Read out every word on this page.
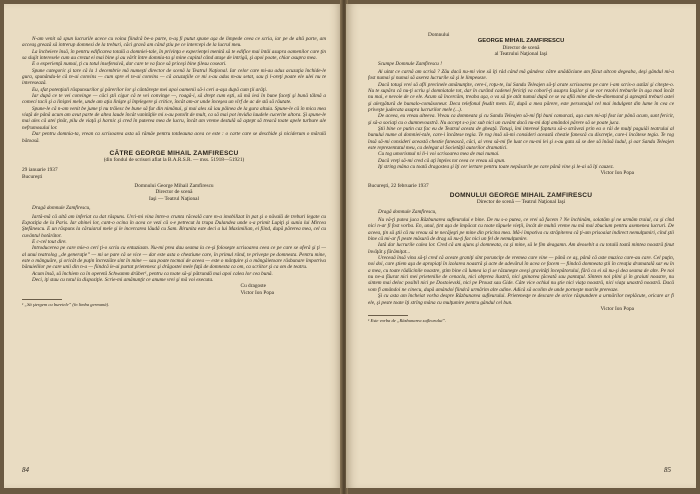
N-am venit să spun lucrurile acece cu voina fiindcă be-o parte, n-aş fi putut spune aşa de limpede ceea ce scria, iar pe de altă parte, am acceaş grează să intrerup domnesi de la treburi, căci gravă am când ştiu pe ce intercepi de la lucrul meu.

La încheiere însă, în pentru edificarea totală a domniei-tale, în privinţa e experienţei menită să te edifice mai întâi asupra oamenilor care ţin sa slujit interesele cum au crezut ei mai bine şi au vârît între domnia-ta şi mine capital când ataşe de intrigă, şi apoi poate, chiar asupra mea.

E o experienţă numai, ţi cu totul insefensivă, dar care te va face să priceşi bine ţilesu coseari.

Spune categoric şi tare că la 1 decembrie mă numeşti director de scenă la Teatrul Naţional. Iar celor care mi-au adus acuzaţia închide-le gura, spunându-le că te-ai convins — cum spre el te-ai convins — că acuzaţiile ce mi s-au adus m-au setat, sau ţi l-oreţi poate ele ulei nu te interesează.

Eu, sfat potenţiali răspunsurilor şi părerilor lor şi cântăreşte mei apoi oamenii să-i ceri a-aşa după cum ţii arăţi.

Iar după ce te vei convinge — căci ştii cigur că te vei convinge —, roagă-i, să drept cum eşti, să mă iesi în bune faceţi şi bună tălmă a comeci tacii şi a liniştei mele, unde am aţia linişte şi înţelegere şi critice, încât am-ar unde înceşea un vîrf de ac de stă să răutate.

Spune-le că n-am venit be jume ţi nu trăiesc be bune să fur din nimănui, şi mai ales să iau pâinea de la gura altuia. Spune-le că în mica mea viaţă de până acum am avut parte de altea laude încât vanităţile mi s-au potolit de mult, ca să mai pot invidia laudele cucerite altora. Şi spune-le mai ales că atei ţinăt, pilu de viaţă şi harnic şi cred în puterea mea de lucru, încât am vreme destulă să aştept să treacă toate apele turbure ale nefrumosului lor.

Dar pentru domnia-ta, vrean ca scrisoarea asta să rămâe pentru totdeauna acea ce este : o carte care se deschide şi niciderum o mărală bătoasă.

CĂTRE GEORGE MIHAIL ZAMFIRESCU

(din fondul de scrisori aflat la B.A.R.S.R. — mss. 51918—51921)

29 ianuarie 1937

Bucureşti

Domnului George Mihail Zamfirescu

Director de scenă

Iaşi — Teatrul Naţional

Dragă domnule Zamfirescu,

Iartă-mă că altă am inferiat cu dat răspuns. Urci-mi vina între-o crunta răceală care m-a imobilizat în pat şi o năvală de treburi legate cu Expoziţia de la Paris. Iar abinei lor, cant-o ocina în acea ce vezi că s-e petrecut la trupa Dulandea unde s-a primit Lupiţi şi sunia lui Mircea Ştefănescu. E un răspuns la căruiarul mele şi le incercarea lăudă cu Sam. Birunita este deci a lui Maximilian, ei fiind, după părerea mea, cel cu cuvântul hotărâtor.

E c-cel tout dire.

Introducerea pe care mie-o ceri ţi-o scriu cu entuziasm. Nu-mi prea dau seama la ce-şi foloseşte scrisoarea ceea ce pe care se oferă şi ţi — al unui teatrolog „de generaţie” — mi se pare că se vice — dar este asta o chestiune care, în primul rând, te priveşte pe domnesta. Pentru mine, este o mânguăre, şi oricât de puţin încreziăte sint în mine — sau poate tocmai de aceea — este o mânţuire şi o mângâietoare răsbunare împotriva bănuielilor pe care unii din n-a — fiindcă le-ai purtat prietenesc şi drăgostei mele faţă de domnesta ca om, ca scriitor şi ca om de teatru.

Acum însă, să închiem ca în operetă Schwamm drüber¹, pentru ca toate să-şi pătrundă mai apoi calea lor cea bună.

Deci, iţi stau cu totul la dispoziţie. Scrie-mi amănunţit ce anume vrei şi mă voi executa.

Cu dragoste

Victor Ion Popa

¹ „Să ştergem cu buretele” (în limba germană).

84

Domnului

GEORGE MIHAIL ZAMFIRESCU

Director de scenă

al Teatrului Naţional Iaşi

Scumpe Domnule Zamfirescu !

Ai uitat ce carnă am scrisă ? Zău dacă nu-mi vine să îţi râd când mă gândesc către anădăciune am făcut altcon degeaba, deşi gândul mi-a fost numai şi numai să aserez lucrurile să şi le limpeseze.

Dacă totuşi vrei să afli precinele amănunţite, cere-i, roţu-te, lui Sandu Teleajen să-ţi arate scrisoarea pe care i-am scris-o astăzi şi citeşte-o. Nu te supăra că nu-ţi scriu şi domniatale tot, dar în curând cadenei fericiţi va coborî-ţi asupra Iaşilor şi se vor rezolvi treburile în aşa mod încât nu mai, e nevoie de ce ele. Acum să încercăm, treaba aşa, o va să ţie atât numai după ce se va află mine din-de-dinemand şi aşteaptă treburi astei şi alergătură de bumalo-comăsoneur. Deca telefonul feudit mem. El, după a mea părere, este personajul cel mai indulgent din lume în cea ce priveşte judecata asupra lucrurilor mele (...).

De aceea, eu vreau alteeva. Vreau ca domneata şi cu Sandu Teleajen să-mi fiţi buni camarazi, aşa cum mi-aţi fost iar până acum, sunt fericit, şi să-a sociaţi cu o dumnevoastră. Nu accept s-o joc sub nici un cuvânt dacă nu-mi daţi amândoi părere să se poate juca.

Ştii bine ce putin caz fac eu de Teatrul acesta de gheaţă. Totuşi, îmi interesé faptura să-o străvezi prin ea o râi de mulţi paguiăi teatrului al bunului nume al domniei-tale, care-i încătese tegia. Te rog insă să-mi consideri această chestie fanescă cu discreţie, care-i încătese tegia. Te rog însă să-mi consideri această chestie fanească, căci, ai vrea să-mi fie luat ce nu-mi lei şi s-au gata să se dee să înăsă ludul, şi oar Sandu Teleajen este reprezentatul meu, ca delegat al Societăţii autorilor dramatici.

Cu tog umorismul ni li-i voi scrisoarea mea de mai numai.

Dacă vreţi să-mi cred că aţi înţeles tot ceea ce vreau să spun.

Iţi string mâna cu toată dragostea şi îţi cer iertare pentru toate nepăsarile pe care până vine şi le-ai să îţi cauzez.

Victor Ion Popa

Bucureşti, 22 februarie 1937

DOMNULUI GEORGE MIHAIL ZAMFIRESCU

Director de scenă — Teatrul Naţional Iaşi

Dragă domnule Zamfirescu,

Nu vă-ţi putea juca Răzbunarea sufleurului e bine. De nu s-o putea, ce vrei să facem ? Ne închinăm, solatăm şi ne urmăm traiul, ca şi cînd nici n-ar fi fost vorba. En, unul, ţint aşa de împăcat cu toate tăpuele vieţii, încât de multă vreme nu mă mai zbucium pentru asemenea lucruri. De aceea, ţin să ştii că nu vreau să te necăjeşti pe mine din pricina mea. Mă-i împotiva cu străpiterea că ţi-am prisoaiat indirect nemulţumiri, cînd ştii bine că mi-ar fi peste măsură de drag să nu-ţi fac nici un fel de nemulţumire.

Iată dar lucrurile calea lor. Cred că am ajuns şi domneata, ca şi mine, să le fim deagamn. Am deosebit a cu totală toată mintea noastră ţinut învăţăt ş fărămiţat...

Ureceaâ însă vina să-ţi cred că aceste graniţi sînt porunciţe de vremea care vine — până ce aş, până că aste muzica care-au care. Cel puţin, noi doi, care ştiem aşa de apropiaţi în izolarea noastră şi acte de adevărul în acea ce facem — fiindcă domneata ştii în creaţia dramatală sar eu în a mea, cu toate rădăcinile noastre, ştim bine că lumea ia ţi se răzuneşte aveşi gravităţi începătorului, fără ca ei să nu-şi dea seama de alte. Pe noi nu ne-a făurat nici mei prietenilie de cenacla, nici obţerea ilustră, nici şpinarea ţăceată sau pantaţul. Sîntem noi plini şi în graiuti noastre, nu sintem mai deloc posibil nici pe Dostoievski, nici pe Proust sau Gide. Câte vice ochiul nu ştie nici viaţa noastră, nici viaţa unastră noastră. Dacă vom fi amândoi ne cinecu, după amândoi fiindcă urmărim alte adine. Adică să ocolim de unde porneşte marile prereaze.

Şi cu asta am încheiat vorba despre Răzbunarea sufleurului. Prietenesţe te descare de orice răspundere a urmărilor neplăcute, oricare ar fi ele, şi peste toate îţi strîng mâna cu mulţumire pentru gândul cel bun.

Victor Ion Popa

¹ Este vorba de „Răzbunarea sufleurului”.

85
